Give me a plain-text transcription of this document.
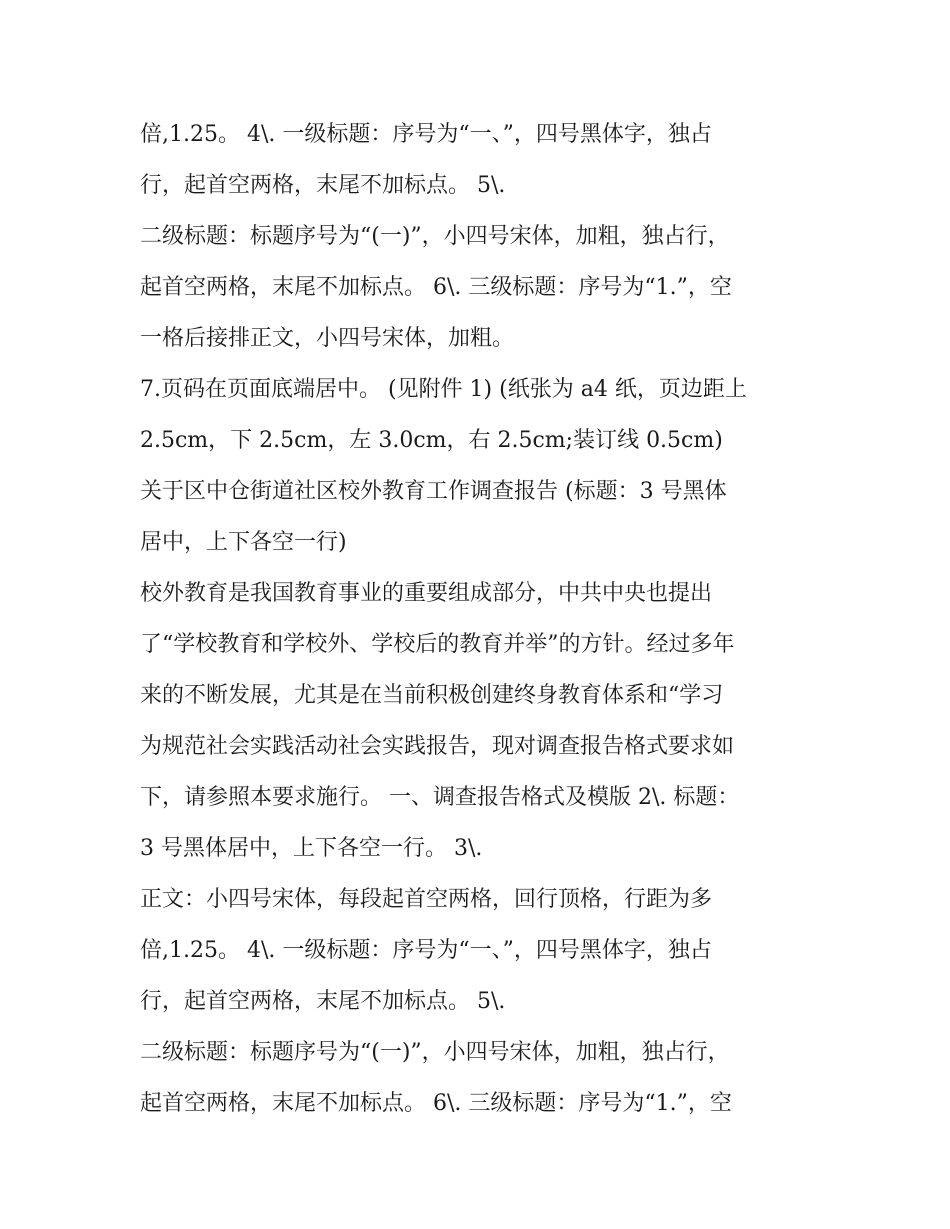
倍,1.25。 4\. 一级标题：序号为“一、”，四号黑体字，独占
行，起首空两格，末尾不加标点。 5\.
二级标题：标题序号为“(一)”，小四号宋体，加粗，独占行，
起首空两格，末尾不加标点。 6\. 三级标题：序号为“1.”，空
一格后接排正文，小四号宋体，加粗。
7.页码在页面底端居中。 (见附件 1) (纸张为 a4 纸，页边距上
2.5cm，下 2.5cm，左 3.0cm，右 2.5cm;装订线 0.5cm)
关于区中仓街道社区校外教育工作调查报告 (标题：3 号黑体
居中，上下各空一行)
校外教育是我国教育事业的重要组成部分，中共中央也提出
了“学校教育和学校外、学校后的教育并举”的方针。经过多年
来的不断发展，尤其是在当前积极创建终身教育体系和“学习
为规范社会实践活动社会实践报告，现对调查报告格式要求如
下，请参照本要求施行。 一、调查报告格式及模版 2\. 标题：
3 号黑体居中，上下各空一行。 3\.
正文：小四号宋体，每段起首空两格，回行顶格，行距为多
倍,1.25。 4\. 一级标题：序号为“一、”，四号黑体字，独占
行，起首空两格，末尾不加标点。 5\.
二级标题：标题序号为“(一)”，小四号宋体，加粗，独占行，
起首空两格，末尾不加标点。 6\. 三级标题：序号为“1.”，空
